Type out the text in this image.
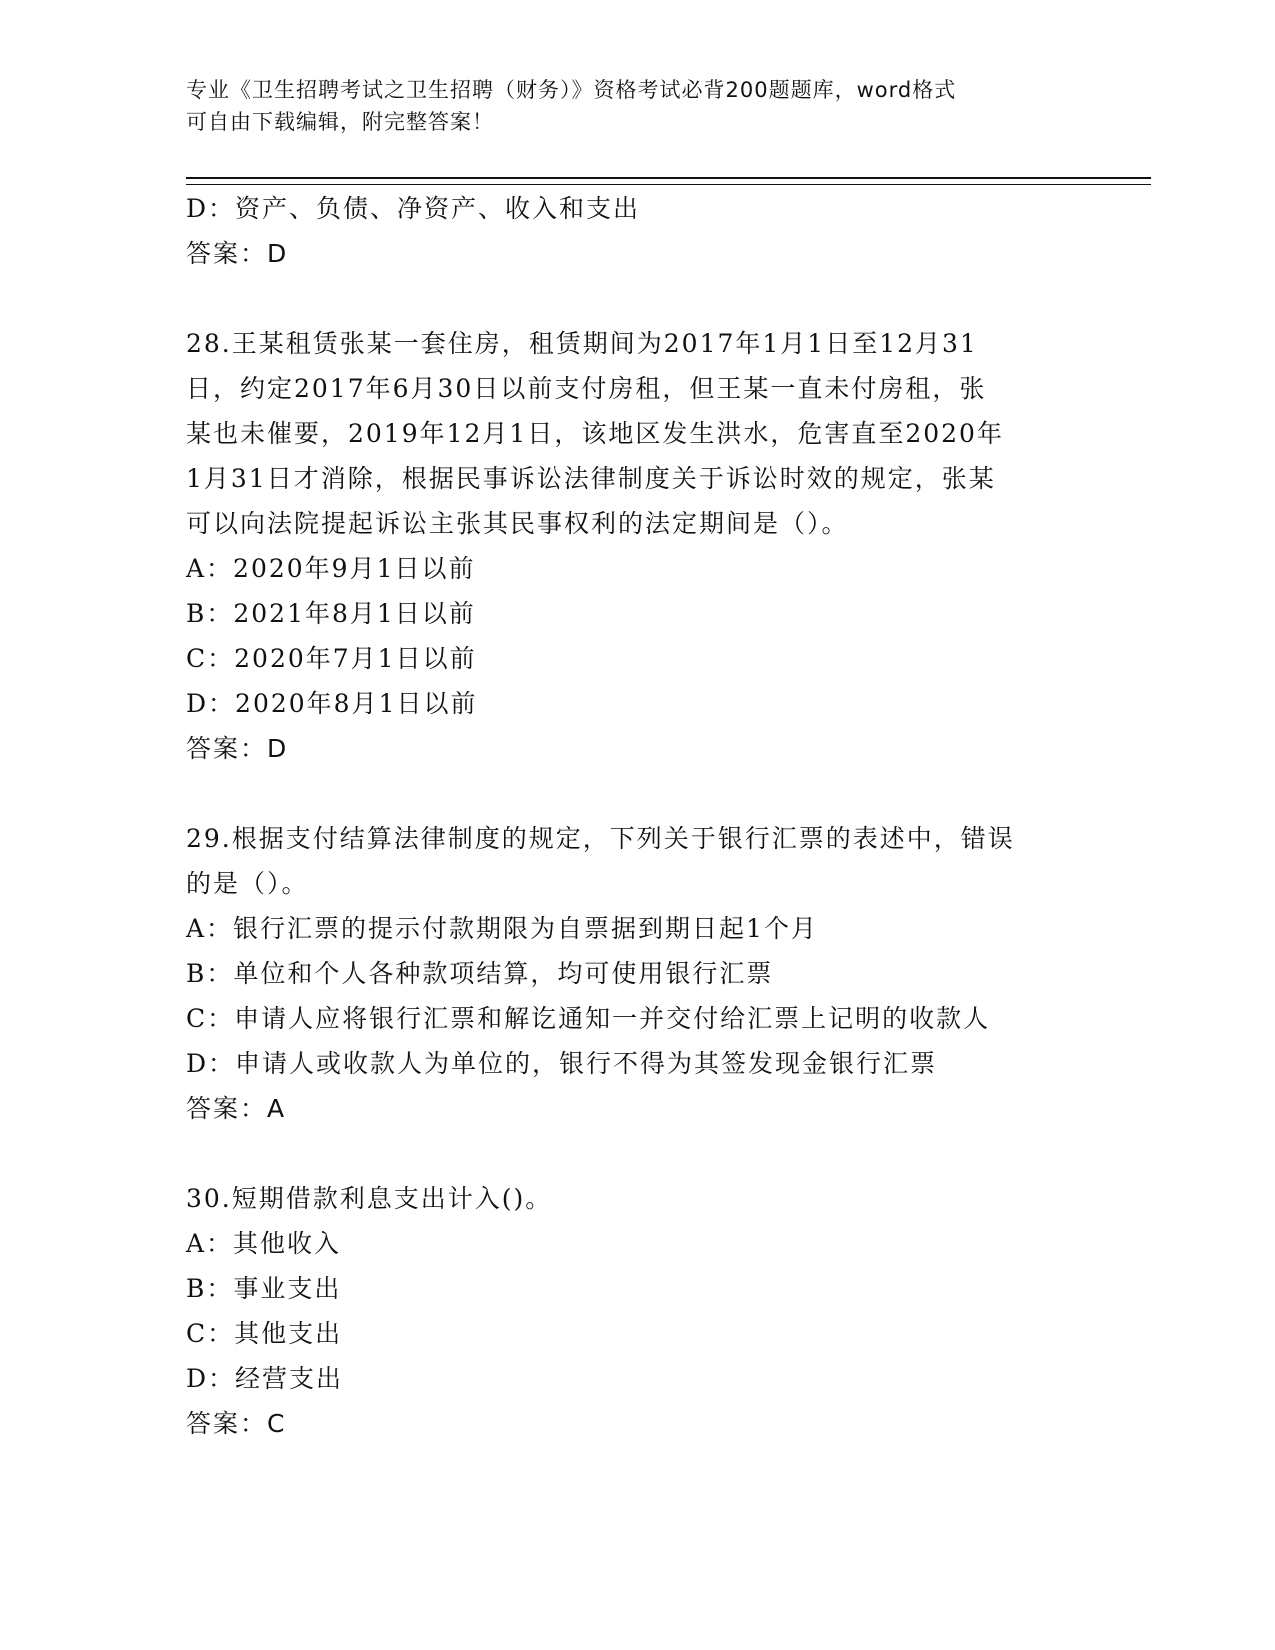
专业《卫生招聘考试之卫生招聘（财务）》资格考试必背200题题库，word格式
可自由下载编辑，附完整答案！
D：资产、负债、净资产、收入和支出
答案：D
28.王某租赁张某一套住房，租赁期间为2017年1月1日至12月31
日，约定2017年6月30日以前支付房租，但王某一直未付房租，张
某也未催要，2019年12月1日，该地区发生洪水，危害直至2020年
1月31日才消除，根据民事诉讼法律制度关于诉讼时效的规定，张某
可以向法院提起诉讼主张其民事权利的法定期间是（）。
A：2020年9月1日以前
B：2021年8月1日以前
C：2020年7月1日以前
D：2020年8月1日以前
答案：D
29.根据支付结算法律制度的规定，下列关于银行汇票的表述中，错误
的是（）。
A：银行汇票的提示付款期限为自票据到期日起1个月
B：单位和个人各种款项结算，均可使用银行汇票
C：申请人应将银行汇票和解讫通知一并交付给汇票上记明的收款人
D：申请人或收款人为单位的，银行不得为其签发现金银行汇票
答案：A
30.短期借款利息支出计入()。
A：其他收入
B：事业支出
C：其他支出
D：经营支出
答案：C
